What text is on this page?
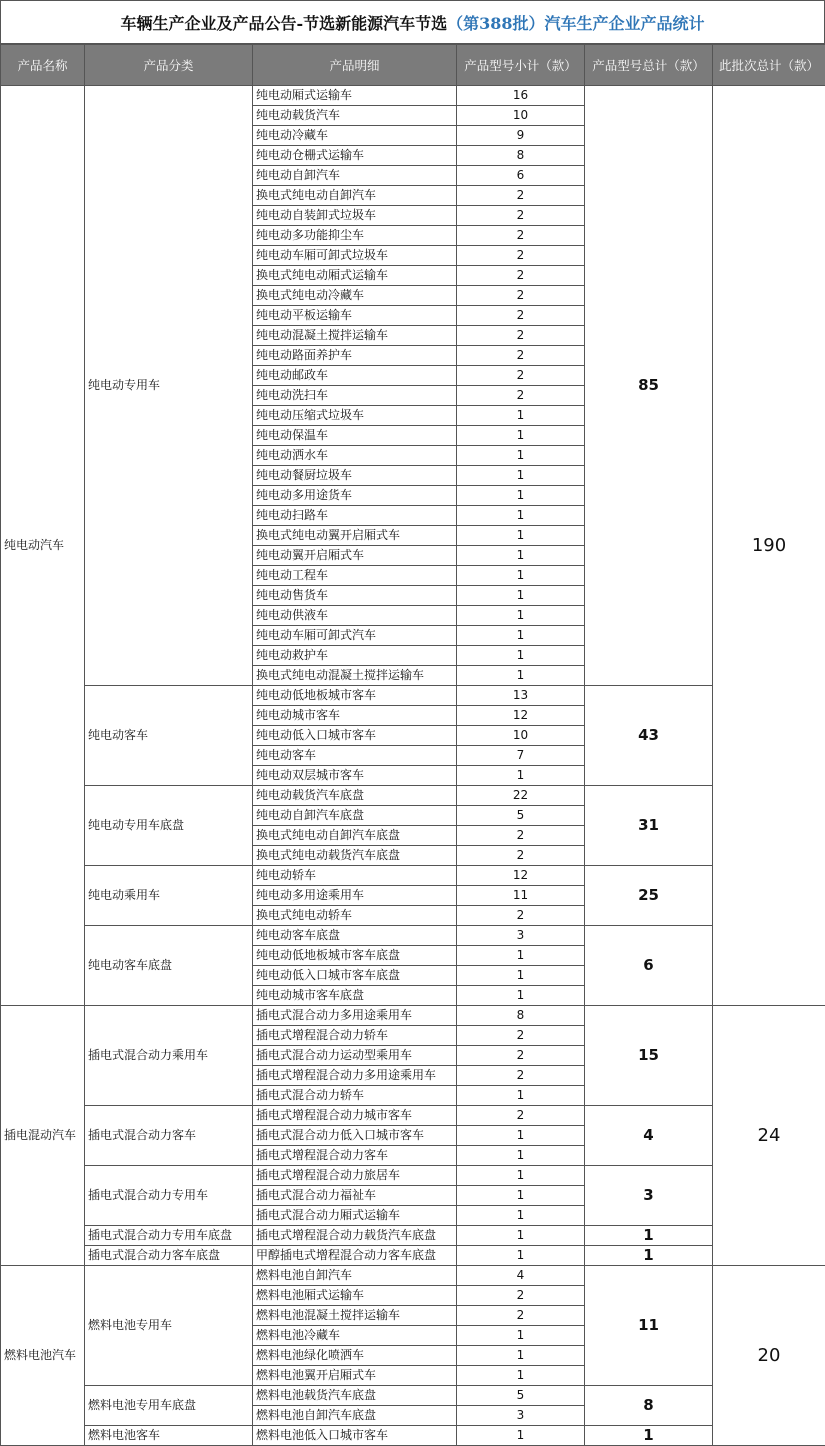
车辆生产企业及产品公告-节选新能源汽车节选 （第388批）汽车生产企业产品统计
产品名称	产品分类	产品明细	产品型号小计（款）	产品型号总计（款）	此批次总计（款）
纯电动汽车	纯电动专用车	纯电动厢式运输车	16	85	190
		纯电动载货汽车	10		
		纯电动冷藏车	9		
		纯电动仓栅式运输车	8		
		纯电动自卸汽车	6		
		换电式纯电动自卸汽车	2		
		纯电动自装卸式垃圾车	2		
		纯电动多功能抑尘车	2		
		纯电动车厢可卸式垃圾车	2		
		换电式纯电动厢式运输车	2		
		换电式纯电动冷藏车	2		
		纯电动平板运输车	2		
		纯电动混凝土搅拌运输车	2		
		纯电动路面养护车	2		
		纯电动邮政车	2		
		纯电动洗扫车	2		
		纯电动压缩式垃圾车	1		
		纯电动保温车	1		
		纯电动洒水车	1		
		纯电动餐厨垃圾车	1		
		纯电动多用途货车	1		
		纯电动扫路车	1		
		换电式纯电动翼开启厢式车	1		
		纯电动翼开启厢式车	1		
		纯电动工程车	1		
		纯电动售货车	1		
		纯电动供液车	1		
		纯电动车厢可卸式汽车	1		
		纯电动救护车	1		
		换电式纯电动混凝土搅拌运输车	1		
	纯电动客车	纯电动低地板城市客车	13	43	
		纯电动城市客车	12		
		纯电动低入口城市客车	10		
		纯电动客车	7		
		纯电动双层城市客车	1		
	纯电动专用车底盘	纯电动载货汽车底盘	22	31	
		纯电动自卸汽车底盘	5		
		换电式纯电动自卸汽车底盘	2		
		换电式纯电动载货汽车底盘	2		
	纯电动乘用车	纯电动轿车	12	25	
		纯电动多用途乘用车	11		
		换电式纯电动轿车	2		
	纯电动客车底盘	纯电动客车底盘	3	6	
		纯电动低地板城市客车底盘	1		
		纯电动低入口城市客车底盘	1		
		纯电动城市客车底盘	1		
插电混动汽车	插电式混合动力乘用车	插电式混合动力多用途乘用车	8	15	24
		插电式增程混合动力轿车	2		
		插电式混合动力运动型乘用车	2		
		插电式增程混合动力多用途乘用车	2		
		插电式混合动力轿车	1		
	插电式混合动力客车	插电式增程混合动力城市客车	2	4	
		插电式混合动力低入口城市客车	1		
		插电式增程混合动力客车	1		
	插电式混合动力专用车	插电式增程混合动力旅居车	1	3	
		插电式混合动力福祉车	1		
		插电式混合动力厢式运输车	1		
	插电式混合动力专用车底盘	插电式增程混合动力载货汽车底盘	1	1	
	插电式混合动力客车底盘	甲醇插电式增程混合动力客车底盘	1	1	
燃料电池汽车	燃料电池专用车	燃料电池自卸汽车	4	11	20
		燃料电池厢式运输车	2		
		燃料电池混凝土搅拌运输车	2		
		燃料电池冷藏车	1		
		燃料电池绿化喷洒车	1		
		燃料电池翼开启厢式车	1		
	燃料电池专用车底盘	燃料电池载货汽车底盘	5	8	
		燃料电池自卸汽车底盘	3		
	燃料电池客车	燃料电池低入口城市客车	1	1	
